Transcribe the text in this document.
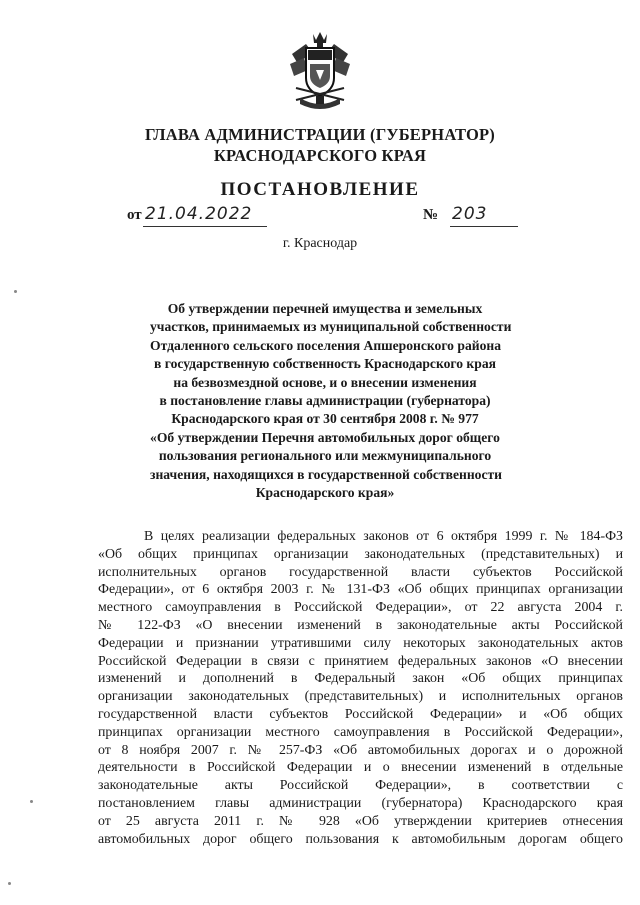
ГЛАВА АДМИНИСТРАЦИИ (ГУБЕРНАТОР)
КРАСНОДАРСКОГО КРАЯ
ПОСТАНОВЛЕНИЕ
от 21.04.2022	№ 203
г. Краснодар
Об утверждении перечней имущества и земельных
участков, принимаемых из муниципальной собственности
Отдаленного сельского поселения Апшеронского района
в государственную собственность Краснодарского края
на безвозмездной основе, и о внесении изменения
в постановление главы администрации (губернатора)
Краснодарского края от 30 сентября 2008 г. № 977
«Об утверждении Перечня автомобильных дорог общего
пользования регионального или межмуниципального
значения, находящихся в государственной собственности
Краснодарского края»
В целях реализации федеральных законов от 6 октября 1999 г. № 184-ФЗ
«Об общих принципах организации законодательных (представительных) и
исполнительных органов государственной власти субъектов Российской
Федерации», от 6 октября 2003 г. № 131-ФЗ «Об общих принципах организации
местного самоуправления в Российской Федерации», от 22 августа 2004 г.
№ 122-ФЗ «О внесении изменений в законодательные акты Российской
Федерации и признании утратившими силу некоторых законодательных актов
Российской Федерации в связи с принятием федеральных законов «О внесении
изменений и дополнений в Федеральный закон «Об общих принципах
организации законодательных (представительных) и исполнительных органов
государственной власти субъектов Российской Федерации» и «Об общих
принципах организации местного самоуправления в Российской Федерации»,
от 8 ноября 2007 г. № 257-ФЗ «Об автомобильных дорогах и о дорожной
деятельности в Российской Федерации и о внесении изменений в отдельные
законодательные акты Российской Федерации», в соответствии с
постановлением главы администрации (губернатора) Краснодарского края
от 25 августа 2011 г. № 928 «Об утверждении критериев отнесения
автомобильных дорог общего пользования к автомобильным дорогам общего
